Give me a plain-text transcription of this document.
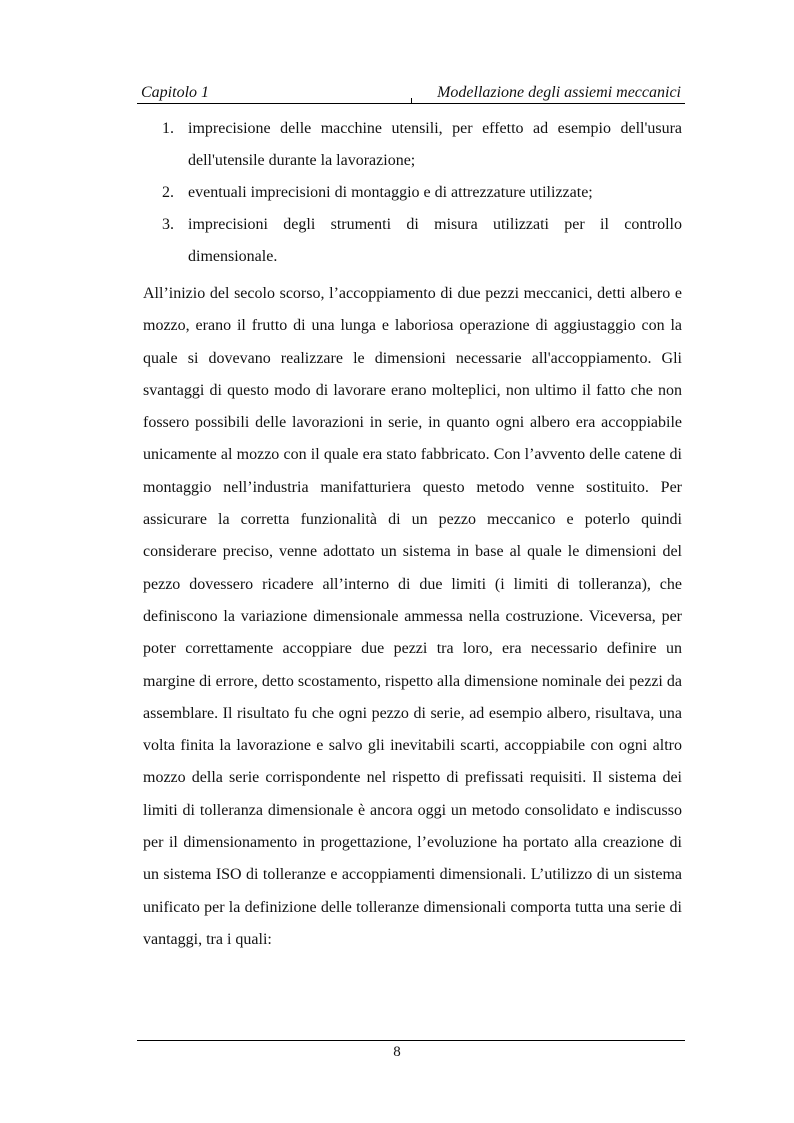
Capitolo 1	Modellazione degli assiemi meccanici
1. imprecisione delle macchine utensili, per effetto ad esempio dell'usura dell'utensile durante la lavorazione;
2. eventuali imprecisioni di montaggio e di attrezzature utilizzate;
3. imprecisioni degli strumenti di misura utilizzati per il controllo dimensionale.

All’inizio del secolo scorso, l’accoppiamento di due pezzi meccanici, detti albero e mozzo, erano il frutto di una lunga e laboriosa operazione di aggiustaggio con la quale si dovevano realizzare le dimensioni necessarie all'accoppiamento. Gli svantaggi di questo modo di lavorare erano molteplici, non ultimo il fatto che non fossero possibili delle lavorazioni in serie, in quanto ogni albero era accoppiabile unicamente al mozzo con il quale era stato fabbricato. Con l’avvento delle catene di montaggio nell’industria manifatturiera questo metodo venne sostituito. Per assicurare la corretta funzionalità di un pezzo meccanico e poterlo quindi considerare preciso, venne adottato un sistema in base al quale le dimensioni del pezzo dovessero ricadere all’interno di due limiti (i limiti di tolleranza), che definiscono la variazione dimensionale ammessa nella costruzione. Viceversa, per poter correttamente accoppiare due pezzi tra loro, era necessario definire un margine di errore, detto scostamento, rispetto alla dimensione nominale dei pezzi da assemblare. Il risultato fu che ogni pezzo di serie, ad esempio albero, risultava, una volta finita la lavorazione e salvo gli inevitabili scarti, accoppiabile con ogni altro mozzo della serie corrispondente nel rispetto di prefissati requisiti. Il sistema dei limiti di tolleranza dimensionale è ancora oggi un metodo consolidato e indiscusso per il dimensionamento in progettazione, l’evoluzione ha portato alla creazione di un sistema ISO di tolleranze e accoppiamenti dimensionali. L’utilizzo di un sistema unificato per la definizione delle tolleranze dimensionali comporta tutta una serie di vantaggi, tra i quali:

8
